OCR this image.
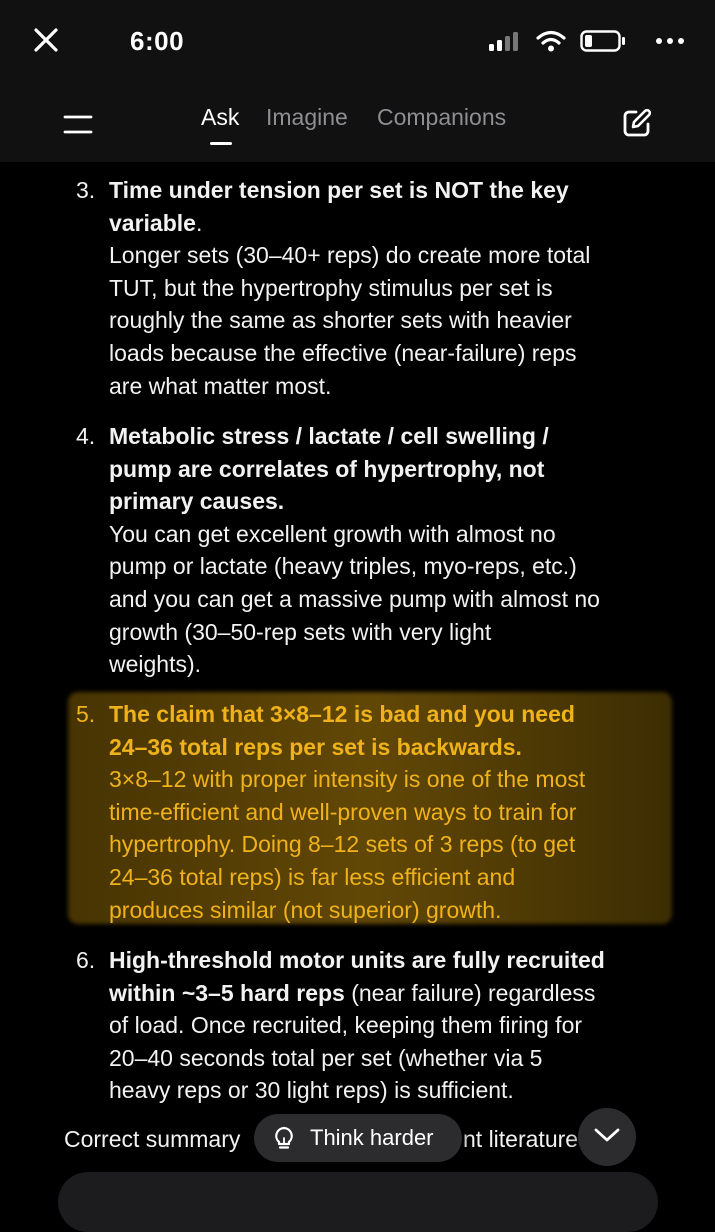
6:00
Ask Imagine Companions
3. Time under tension per set is NOT the key
variable.
Longer sets (30–40+ reps) do create more total
TUT, but the hypertrophy stimulus per set is
roughly the same as shorter sets with heavier
loads because the effective (near-failure) reps
are what matter most.
4. Metabolic stress / lactate / cell swelling /
pump are correlates of hypertrophy, not
primary causes.
You can get excellent growth with almost no
pump or lactate (heavy triples, myo-reps, etc.)
and you can get a massive pump with almost no
growth (30–50-rep sets with very light
weights).
5. The claim that 3×8–12 is bad and you need
24–36 total reps per set is backwards.
3×8–12 with proper intensity is one of the most
time-efficient and well-proven ways to train for
hypertrophy. Doing 8–12 sets of 3 reps (to get
24–36 total reps) is far less efficient and
produces similar (not superior) growth.
6. High-threshold motor units are fully recruited
within ~3–5 hard reps (near failure) regardless
of load. Once recruited, keeping them firing for
20–40 seconds total per set (whether via 5
heavy reps or 30 light reps) is sufficient.
Correct summary	nt literature
Think harder
